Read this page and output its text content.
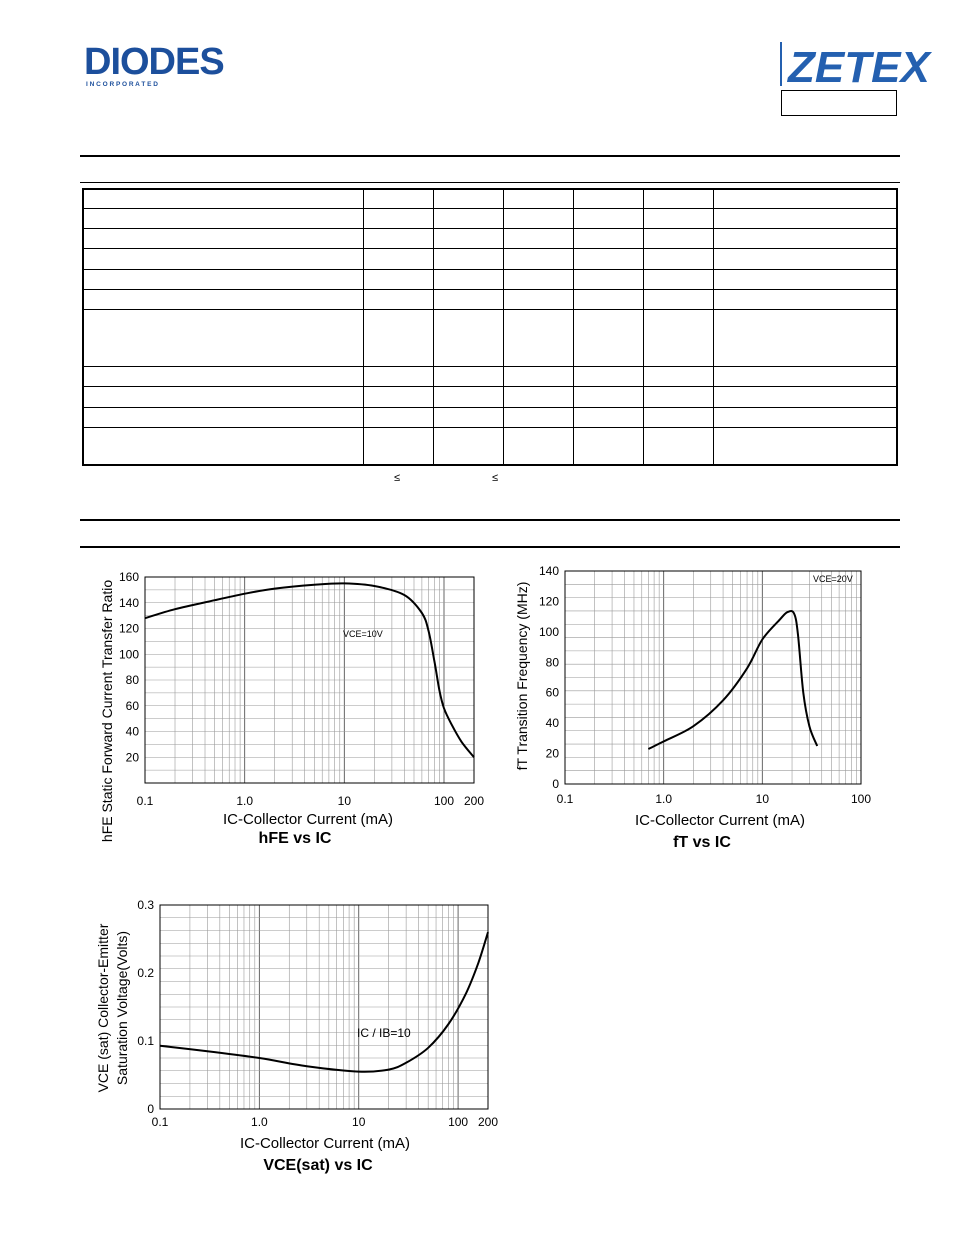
DIODES
I N C O R P O R A T E D	ZETEX

≤	≤
0.1	1.0	10	100 200
20
40
60
80
100
120
140
160
IC-Collector Current (mA)
hFE vs IC
hFE Static Forward Current Transfer Ratio	VCE=10V
0.1	1.0	10	100
0
20
40
60
80
100
120
140
IC-Collector Current (mA)
fT vs IC
fT Transition Frequency (MHz)
VCE=20V
0.1	1.0	10	100 200
0
0.1
0.2
0.3
IC-Collector Current (mA)
VCE(sat) vs IC
VCE (sat) Collector-Emitter Saturation Voltage(Volts)	IC / IB=10
